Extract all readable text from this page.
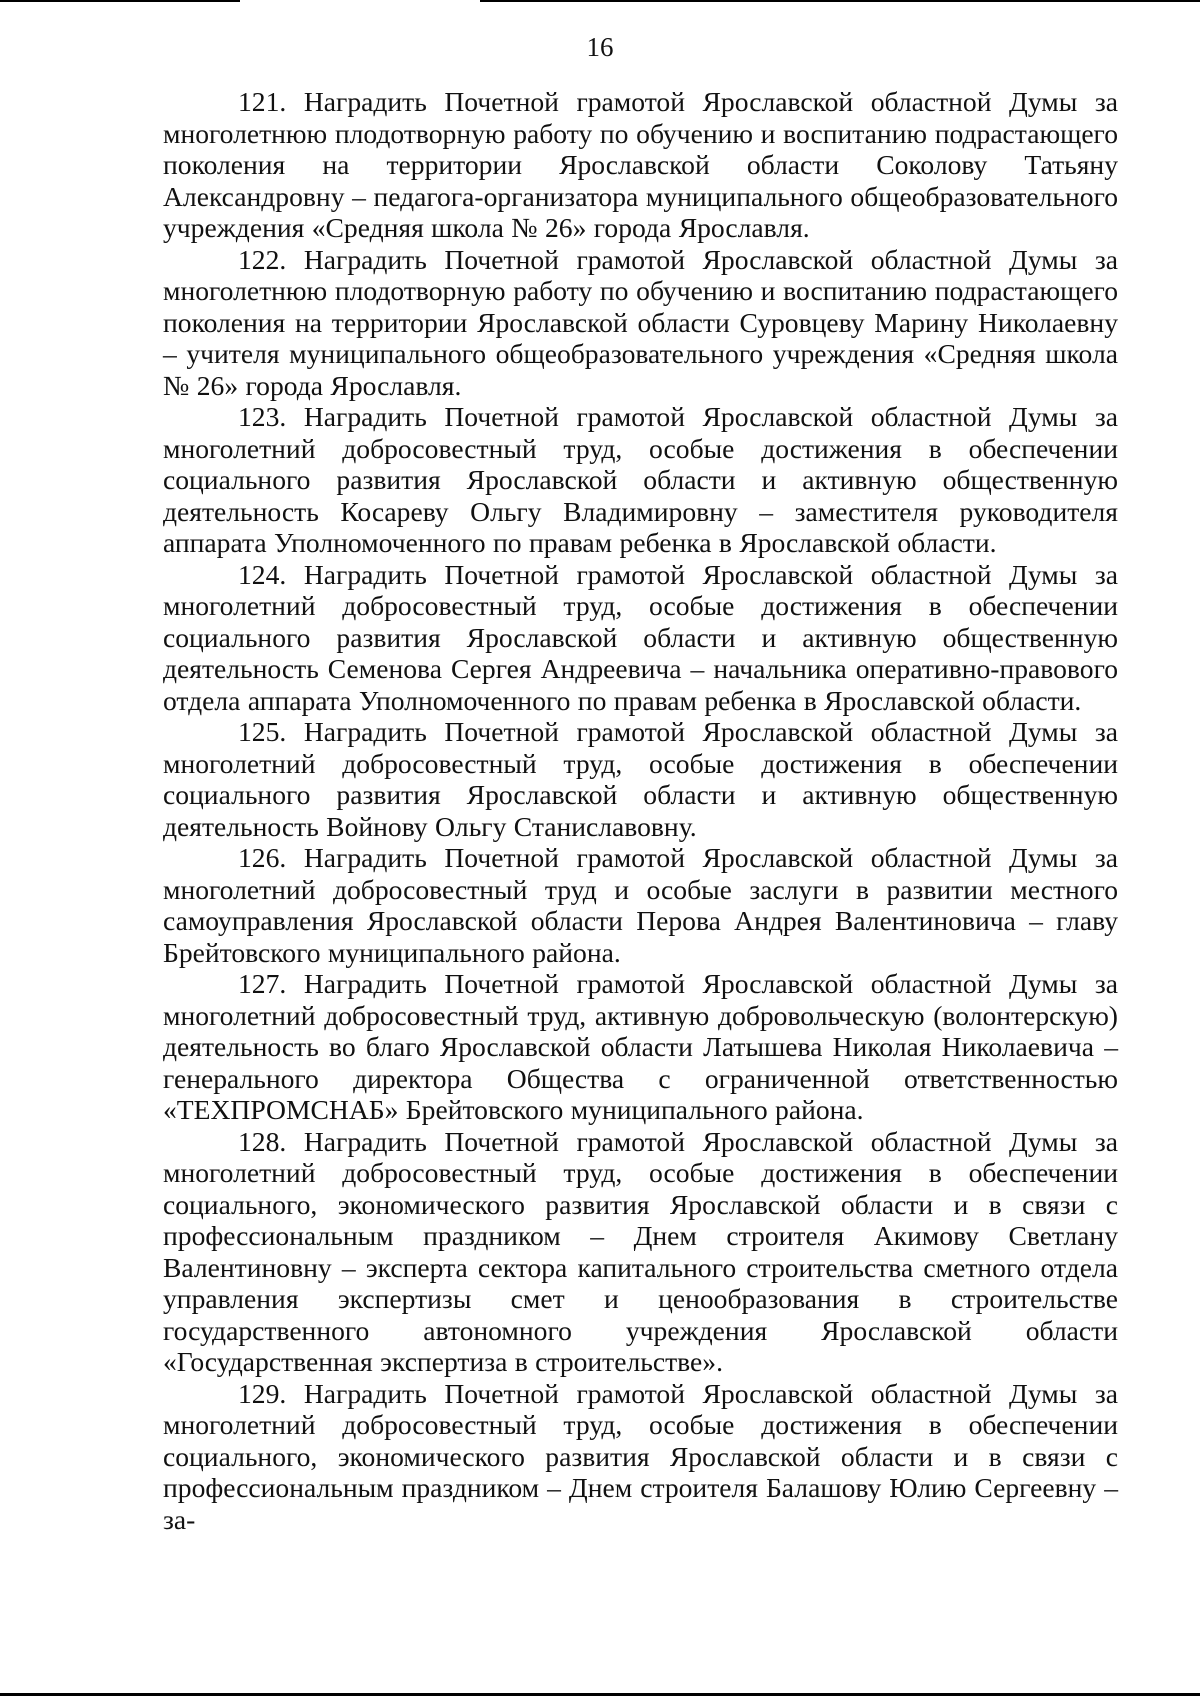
16

121. Наградить Почетной грамотой Ярославской областной Думы за многолетнюю плодотворную работу по обучению и воспитанию подрастающего поколения на территории Ярославской области Соколову Татьяну Александровну – педагога-организатора муниципального общеобразовательного учреждения «Средняя школа № 26» города Ярославля.

122. Наградить Почетной грамотой Ярославской областной Думы за многолетнюю плодотворную работу по обучению и воспитанию подрастающего поколения на территории Ярославской области Суровцеву Марину Николаевну – учителя муниципального общеобразовательного учреждения «Средняя школа № 26» города Ярославля.

123. Наградить Почетной грамотой Ярославской областной Думы за многолетний добросовестный труд, особые достижения в обеспечении социального развития Ярославской области и активную общественную деятельность Косареву Ольгу Владимировну – заместителя руководителя аппарата Уполномоченного по правам ребенка в Ярославской области.

124. Наградить Почетной грамотой Ярославской областной Думы за многолетний добросовестный труд, особые достижения в обеспечении социального развития Ярославской области и активную общественную деятельность Семенова Сергея Андреевича – начальника оперативно-правового отдела аппарата Уполномоченного по правам ребенка в Ярославской области.

125. Наградить Почетной грамотой Ярославской областной Думы за многолетний добросовестный труд, особые достижения в обеспечении социального развития Ярославской области и активную общественную деятельность Войнову Ольгу Станиславовну.

126. Наградить Почетной грамотой Ярославской областной Думы за многолетний добросовестный труд и особые заслуги в развитии местного самоуправления Ярославской области Перова Андрея Валентиновича – главу Брейтовского муниципального района.

127. Наградить Почетной грамотой Ярославской областной Думы за многолетний добросовестный труд, активную добровольческую (волонтерскую) деятельность во благо Ярославской области Латышева Николая Николаевича – генерального директора Общества с ограниченной ответственностью «ТЕХПРОМСНАБ» Брейтовского муниципального района.

128. Наградить Почетной грамотой Ярославской областной Думы за многолетний добросовестный труд, особые достижения в обеспечении социального, экономического развития Ярославской области и в связи с профессиональным праздником – Днем строителя Акимову Светлану Валентиновну – эксперта сектора капитального строительства сметного отдела управления экспертизы смет и ценообразования в строительстве государственного автономного учреждения Ярославской области «Государственная экспертиза в строительстве».

129. Наградить Почетной грамотой Ярославской областной Думы за многолетний добросовестный труд, особые достижения в обеспечении социального, экономического развития Ярославской области и в связи с профессиональным праздником – Днем строителя Балашову Юлию Сергеевну – за-
